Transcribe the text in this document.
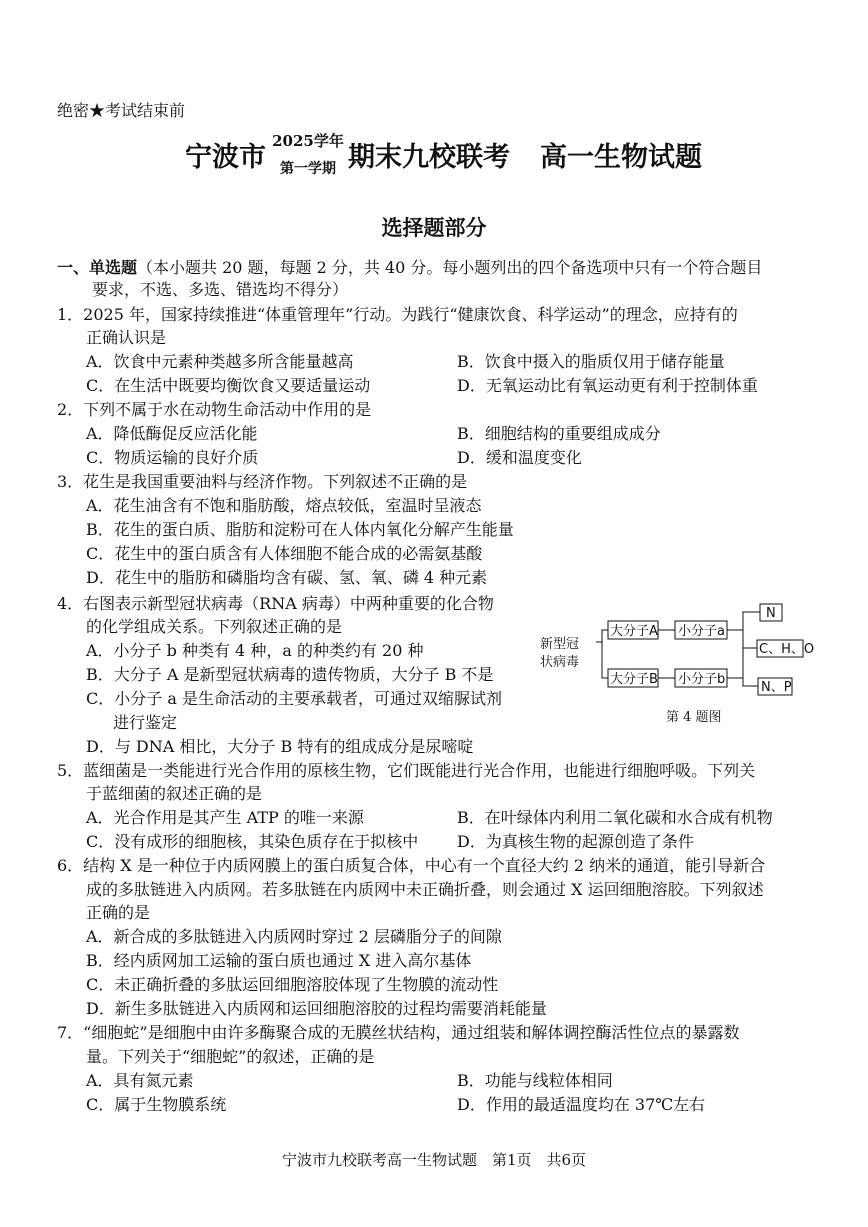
绝密★考试结束前
宁波市
2025学年
第一学期 期末九校联考 高一生物试题
选择题部分
一、单选题（本小题共 20 题，每题 2 分，共 40 分。每小题列出的四个备选项中只有一个符合题目
要求，不选、多选、错选均不得分）
1．2025 年，国家持续推进“体重管理年”行动。为践行“健康饮食、科学运动”的理念，应持有的
正确认识是
A．饮食中元素种类越多所含能量越高	B．饮食中摄入的脂质仅用于储存能量
C．在生活中既要均衡饮食又要适量运动	D．无氧运动比有氧运动更有利于控制体重
2．下列不属于水在动物生命活动中作用的是
A．降低酶促反应活化能	B．细胞结构的重要组成成分
C．物质运输的良好介质	D．缓和温度变化
3．花生是我国重要油料与经济作物。下列叙述不正确的是
A．花生油含有不饱和脂肪酸，熔点较低，室温时呈液态
B．花生的蛋白质、脂肪和淀粉可在人体内氧化分解产生能量
C．花生中的蛋白质含有人体细胞不能合成的必需氨基酸
D．花生中的脂肪和磷脂均含有碳、氢、氧、磷 4 种元素
4．右图表示新型冠状病毒（RNA 病毒）中两种重要的化合物
的化学组成关系。下列叙述正确的是
A．小分子 b 种类有 4 种，a 的种类约有 20 种
B．大分子 A 是新型冠状病毒的遗传物质，大分子 B 不是
C．小分子 a 是生命活动的主要承载者，可通过双缩脲试剂
进行鉴定
D．与 DNA 相比，大分子 B 特有的组成成分是尿嘧啶
新型冠
状病毒
大分子A 小分子a
大分子B 小分子b
N
C、H、O
N、P
第 4 题图
5．蓝细菌是一类能进行光合作用的原核生物，它们既能进行光合作用，也能进行细胞呼吸。下列关
于蓝细菌的叙述正确的是
A．光合作用是其产生 ATP 的唯一来源	B．在叶绿体内利用二氧化碳和水合成有机物
C．没有成形的细胞核，其染色质存在于拟核中 D．为真核生物的起源创造了条件
6．结构 X 是一种位于内质网膜上的蛋白质复合体，中心有一个直径大约 2 纳米的通道，能引导新合
成的多肽链进入内质网。若多肽链在内质网中未正确折叠，则会通过 X 运回细胞溶胶。下列叙述
正确的是
A．新合成的多肽链进入内质网时穿过 2 层磷脂分子的间隙
B．经内质网加工运输的蛋白质也通过 X 进入高尔基体
C．未正确折叠的多肽运回细胞溶胶体现了生物膜的流动性
D．新生多肽链进入内质网和运回细胞溶胶的过程均需要消耗能量
7．“细胞蛇”是细胞中由许多酶聚合成的无膜丝状结构，通过组装和解体调控酶活性位点的暴露数
量。下列关于“细胞蛇”的叙述，正确的是
A．具有氮元素	B．功能与线粒体相同
C．属于生物膜系统	D．作用的最适温度均在 37℃左右
宁波市九校联考高一生物试题　第1页　共6页
